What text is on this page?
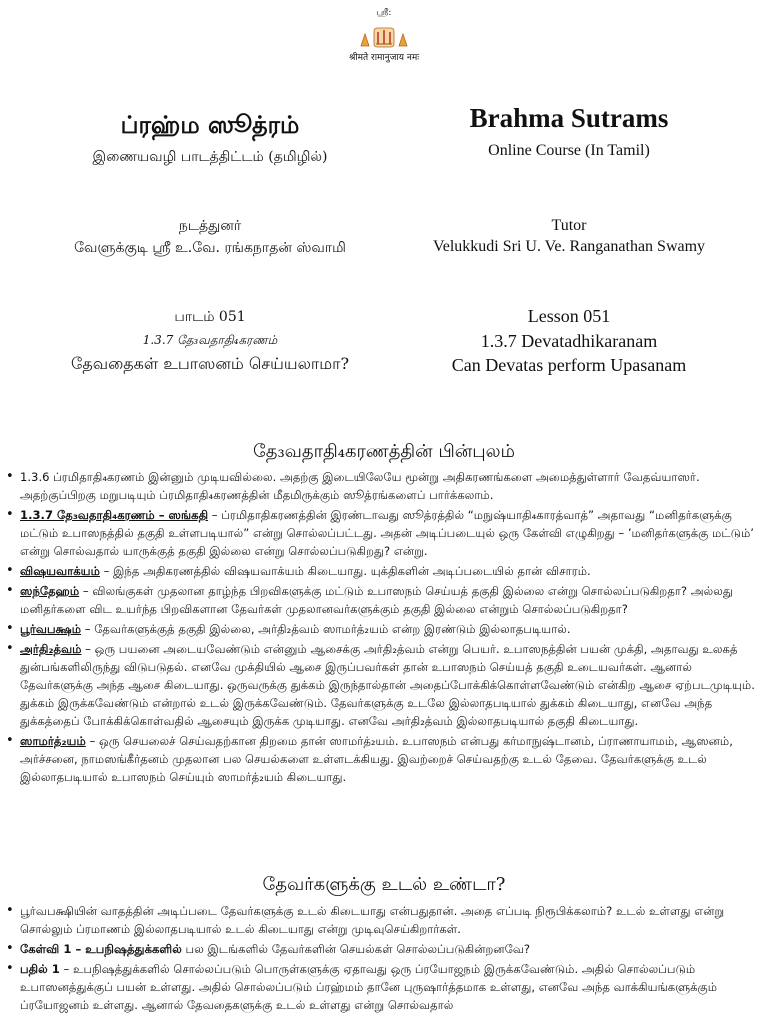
ஶ்ரீ:
श्रीमते रामानुजाय नमः
ப்ரஹ்ம ஸூத்ரம்	Brahma Sutrams
இணையவழி பாடத்திட்டம் (தமிழில்)	Online Course (In Tamil)
நடத்துனர்	Tutor
வேளுக்குடி ஸ்ரீ உ.வே. ரங்கநாதன் ஸ்வாமி	Velukkudi Sri U. Ve. Ranganathan Swamy
பாடம் 051	Lesson 051
1.3.7 தே₃வதாதி₄கரணம்	1.3.7 Devatadhikaranam
தேவதைகள் உபாஸனம் செய்யலாமா?	Can Devatas perform Upasanam
தே₃வதாதி₄கரணத்தின் பின்புலம்
• 1.3.6 ப்ரமிதாதி₄கரணம் இன்னும் முடியவில்லை. அதற்கு இடையிலேயே மூன்று அதிகரணங்களை அமைத்துள்ளார் வேதவ்யாஸர். அதற்குப்பிறகு மறுபடியும் ப்ரமிதாதி₄கரணத்தின் மீதமிருக்கும் ஸூத்ரங்களைப் பார்க்கலாம்.
• 1.3.7 தே₃வதாதி₄கரணம் – ஸங்கதி – ப்ரமிதாதிகரணத்தின் இரண்டாவது ஸூத்ரத்தில் “மநுஷ்யாதி₄காரத்வாத்” அதாவது “மனிதர்களுக்கு மட்டும் உபாஸநத்தில் தகுதி உள்ளபடியால்” என்று சொல்லப்பட்டது. அதன் அடிப்படையுல் ஒரு கேள்வி எழுகிறது – ’மனிதர்களுக்கு மட்டும்’ என்று சொல்வதால் யாருக்குத் தகுதி இல்லை என்று சொல்லப்படுகிறது? என்று.
• விஷயவாக்யம் – இந்த அதிகரணத்தில் விஷயவாக்யம் கிடையாது. யுக்திகளின் அடிப்படையில் தான் விசாரம்.
• ஸந்தேஹம் – விலங்குகள் முதலான தாழ்ந்த பிறவிகளுக்கு மட்டும் உபாஸநம் செய்யத் தகுதி இல்லை என்று சொல்லப்படுகிறதா? அல்லது மனிதர்களை விட உயர்ந்த பிறவிகளான தேவர்கள் முதலானவர்களுக்கும் தகுதி இல்லை என்றும் சொல்லப்படுகிறதா?
• பூர்வபக்ஷம் – தேவர்களுக்குத் தகுதி இல்லை, அர்தி₂த்வம் ஸாமர்த்₂யம் என்ற இரண்டும் இல்லாதபடியால்.
• அர்தி₂த்வம் – ஒரு பயனை அடையவேண்டும் என்னும் ஆசைக்கு அர்தி₂த்வம் என்று பெயர். உபாஸநத்தின் பயன் முக்தி, அதாவது உலகத் துன்பங்களிலிருந்து விடுபடுதல். எனவே முக்தியில் ஆசை இருப்பவர்கள் தான் உபாஸநம் செய்யத் தகுதி உடையவர்கள். ஆனால் தேவர்களுக்கு அந்த ஆசை கிடையாது. ஒருவருக்கு துக்கம் இருந்தால்தான் அதைப்போக்கிக்கொள்ளவேண்டும் என்கிற ஆசை ஏற்படமுடியும். துக்கம் இருக்கவேண்டும் என்றால் உடல் இருக்கவேண்டும். தேவர்களுக்கு உடலே இல்லாதபடியால் துக்கம் கிடையாது, எனவே அந்த துக்கத்தைப் போக்கிக்கொள்வதில் ஆசையும் இருக்க முடியாது. எனவே அர்தி₂த்வம் இல்லாதபடியால் தகுதி கிடையாது.
• ஸாமர்த்₂யம் – ஒரு செயலைச் செய்வதற்கான திறமை தான் ஸாமர்த்₂யம். உபாஸநம் என்பது கர்மாநுஷ்டானம், ப்ராணாயாமம், ஆஸனம், அர்ச்சனை, நாமஸங்கீர்தனம் முதலான பல செயல்களை உள்ளடக்கியது. இவற்றைச் செய்வதற்கு உடல் தேவை. தேவர்களுக்கு உடல் இல்லாதபடியால் உபாஸநம் செய்யும் ஸாமர்த்₂யம் கிடையாது.
தேவர்களுக்கு உடல் உண்டா?
• பூர்வபக்ஷியின் வாதத்தின் அடிப்படை தேவர்களுக்கு உடல் கிடையாது என்பதுதான். அதை எப்படி நிரூபிக்கலாம்? உடல் உள்ளது என்று சொல்லும் ப்ரமாணம் இல்லாதபடியால் உடல் கிடையாது என்று முடிவுசெய்கிறார்கள்.
• கேள்வி 1 – உபநிஷத்துக்களில் பல இடங்களில் தேவர்களின் செயல்கள் சொல்லப்படுகின்றனவே?
• பதில் 1 – உபநிஷத்துக்களில் சொல்லப்படும் பொருள்களுக்கு ஏதாவது ஒரு ப்ரயோஜநம் இருக்கவேண்டும். அதில் சொல்லப்படும் உபாஸனத்துக்குப் பயன் உள்ளது. அதில் சொல்லப்படும் ப்ரஹ்மம் தானே புருஷார்த்தமாக உள்ளது, எனவே அந்த வாக்கியங்களுக்கும் ப்ரயோஜனம் உள்ளது. ஆனால் தேவதைகளுக்கு உடல் உள்ளது என்று சொல்வதால்
